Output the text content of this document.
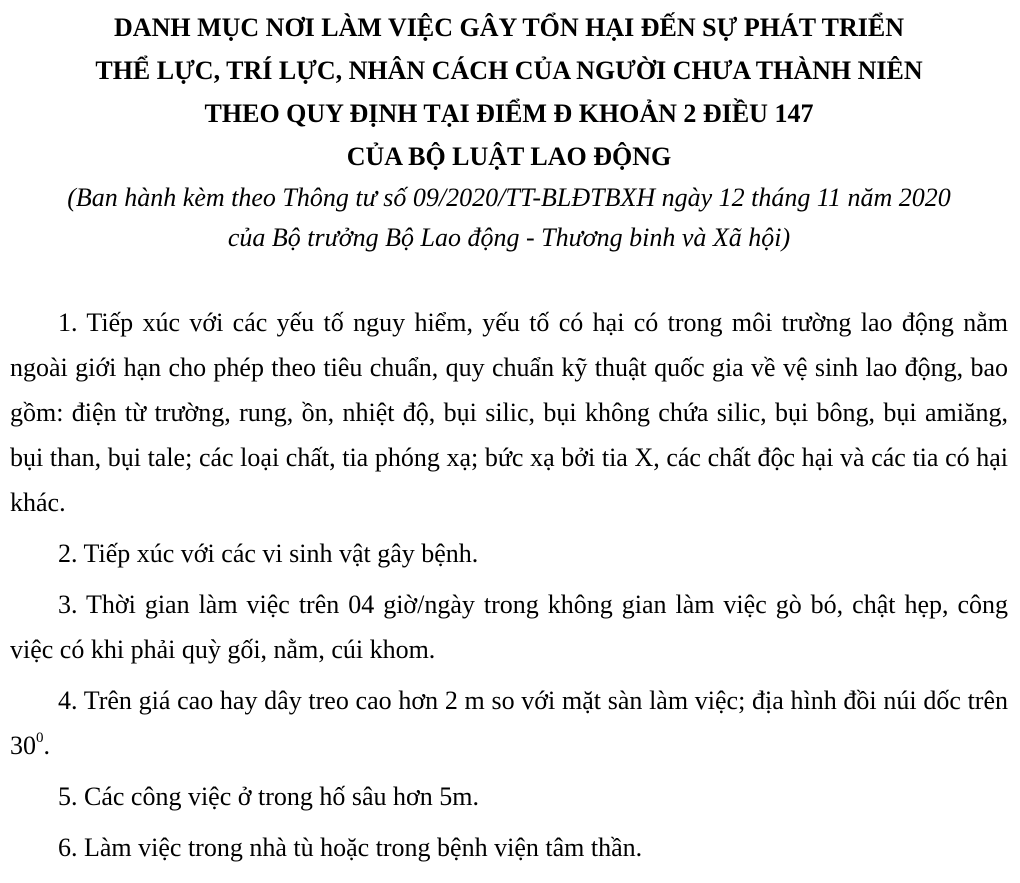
DANH MỤC NƠI LÀM VIỆC GÂY TỔN HẠI ĐẾN SỰ PHÁT TRIỂN

THỂ LỰC, TRÍ LỰC, NHÂN CÁCH CỦA NGƯỜI CHƯA THÀNH NIÊN

THEO QUY ĐỊNH TẠI ĐIỂM Đ KHOẢN 2 ĐIỀU 147

CỦA BỘ LUẬT LAO ĐỘNG

(Ban hành kèm theo Thông tư số 09/2020/TT-BLĐTBXH ngày 12 tháng 11 năm 2020

của Bộ trưởng Bộ Lao động - Thương binh và Xã hội)

1. Tiếp xúc với các yếu tố nguy hiểm, yếu tố có hại có trong môi trường lao động nằm ngoài giới hạn cho phép theo tiêu chuẩn, quy chuẩn kỹ thuật quốc gia về vệ sinh lao động, bao gồm: điện từ trường, rung, ồn, nhiệt độ, bụi silic, bụi không chứa silic, bụi bông, bụi amiăng, bụi than, bụi tale; các loại chất, tia phóng xạ; bức xạ bởi tia X, các chất độc hại và các tia có hại khác.

2. Tiếp xúc với các vi sinh vật gây bệnh.

3. Thời gian làm việc trên 04 giờ/ngày trong không gian làm việc gò bó, chật hẹp, công việc có khi phải quỳ gối, nằm, cúi khom.

4. Trên giá cao hay dây treo cao hơn 2 m so với mặt sàn làm việc; địa hình đồi núi dốc trên $30^0$.

5. Các công việc ở trong hố sâu hơn 5m.

6. Làm việc trong nhà tù hoặc trong bệnh viện tâm thần.
